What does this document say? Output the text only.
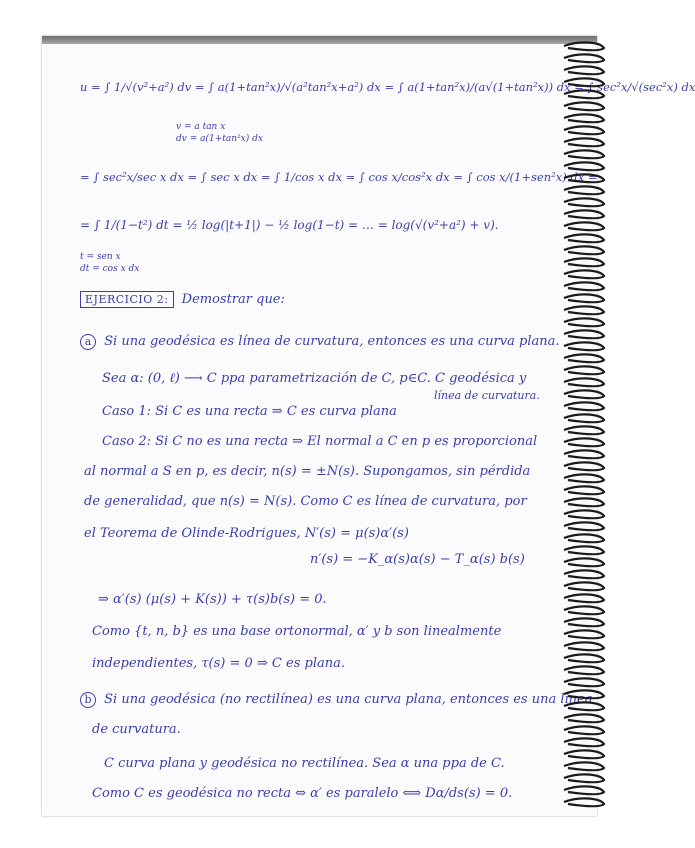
u = ∫ 1/√(v²+a²) dv = ∫ a(1+tan²x)/√(a²tan²x+a²) dx = ∫ a(1+tan²x)/(a√(1+tan²x)) dx = ∫ sec²x/√(sec²x) dx
v = a tan x
dv = a(1+tan²x) dx
= ∫ sec²x/sec x dx = ∫ sec x dx = ∫ 1/cos x dx = ∫ cos x/cos²x dx = ∫ cos x/(1+sen²x) dx =
= ∫ 1/(1−t²) dt = ½ log(|t+1|) − ½ log(1−t) = … = log(√(v²+a²) + v).
t = sen x
dt = cos x dx
EJERCICIO 2: Demostrar que:
a Si una geodésica es línea de curvatura, entonces es una curva plana.
Sea α: (0, ℓ) ⟶ C ppa parametrización de C, p∈C. C geodésica y
línea de curvatura.
Caso 1: Si C es una recta ⇒ C es curva plana
Caso 2: Si C no es una recta ⇒ El normal a C en p es proporcional
al normal a S en p, es decir, n(s) = ±N(s). Supongamos, sin pérdida
de generalidad, que n(s) = N(s). Como C es línea de curvatura, por
el Teorema de Olinde-Rodrigues, N′(s) = μ(s)α′(s)
n′(s) = −K_α(s)α(s) − T_α(s) b(s)
⇒ α′(s) (μ(s) + K(s)) + τ(s)b(s) = 0.
Como {t, n, b} es una base ortonormal, α′ y b son linealmente
independientes, τ(s) = 0 ⇒ C es plana.
b Si una geodésica (no rectilínea) es una curva plana, entonces es una línea
de curvatura.
C curva plana y geodésica no rectilínea. Sea α una ppa de C.
Como C es geodésica no recta ⇔ α′ es paralelo ⟺ Dα/ds(s) = 0.
